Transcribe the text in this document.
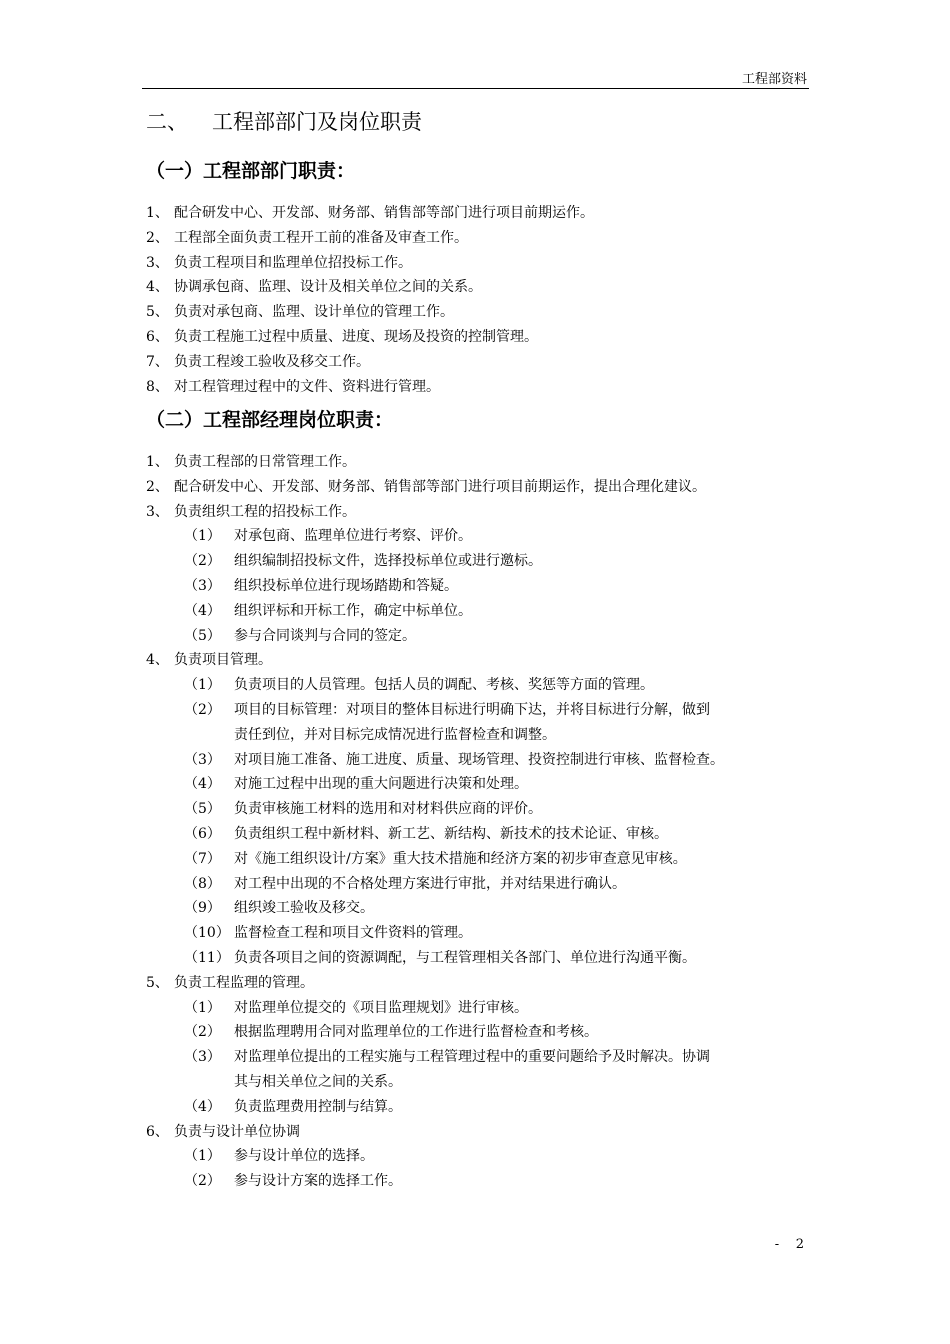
工程部资料
二、 工程部部门及岗位职责
（一）工程部部门职责：
1、 配合研发中心、开发部、财务部、销售部等部门进行项目前期运作。
2、 工程部全面负责工程开工前的准备及审查工作。
3、 负责工程项目和监理单位招投标工作。
4、 协调承包商、监理、设计及相关单位之间的关系。
5、 负责对承包商、监理、设计单位的管理工作。
6、 负责工程施工过程中质量、进度、现场及投资的控制管理。
7、 负责工程竣工验收及移交工作。
8、 对工程管理过程中的文件、资料进行管理。
（二）工程部经理岗位职责：
1、 负责工程部的日常管理工作。
2、 配合研发中心、开发部、财务部、销售部等部门进行项目前期运作，提出合理化建议。
3、 负责组织工程的招投标工作。
（1） 对承包商、监理单位进行考察、评价。
（2） 组织编制招投标文件，选择投标单位或进行邀标。
（3） 组织投标单位进行现场踏勘和答疑。
（4） 组织评标和开标工作，确定中标单位。
（5） 参与合同谈判与合同的签定。
4、 负责项目管理。
（1） 负责项目的人员管理。包括人员的调配、考核、奖惩等方面的管理。
（2） 项目的目标管理：对项目的整体目标进行明确下达，并将目标进行分解，做到
责任到位，并对目标完成情况进行监督检查和调整。
（3） 对项目施工准备、施工进度、质量、现场管理、投资控制进行审核、监督检查。
（4） 对施工过程中出现的重大问题进行决策和处理。
（5） 负责审核施工材料的选用和对材料供应商的评价。
（6） 负责组织工程中新材料、新工艺、新结构、新技术的技术论证、审核。
（7） 对《施工组织设计/方案》重大技术措施和经济方案的初步审查意见审核。
（8） 对工程中出现的不合格处理方案进行审批，并对结果进行确认。
（9） 组织竣工验收及移交。
（10） 监督检查工程和项目文件资料的管理。
（11） 负责各项目之间的资源调配，与工程管理相关各部门、单位进行沟通平衡。
5、 负责工程监理的管理。
（1） 对监理单位提交的《项目监理规划》进行审核。
（2） 根据监理聘用合同对监理单位的工作进行监督检查和考核。
（3） 对监理单位提出的工程实施与工程管理过程中的重要问题给予及时解决。协调
其与相关单位之间的关系。
（4） 负责监理费用控制与结算。
6、 负责与设计单位协调
（1） 参与设计单位的选择。
（2） 参与设计方案的选择工作。
-    2
